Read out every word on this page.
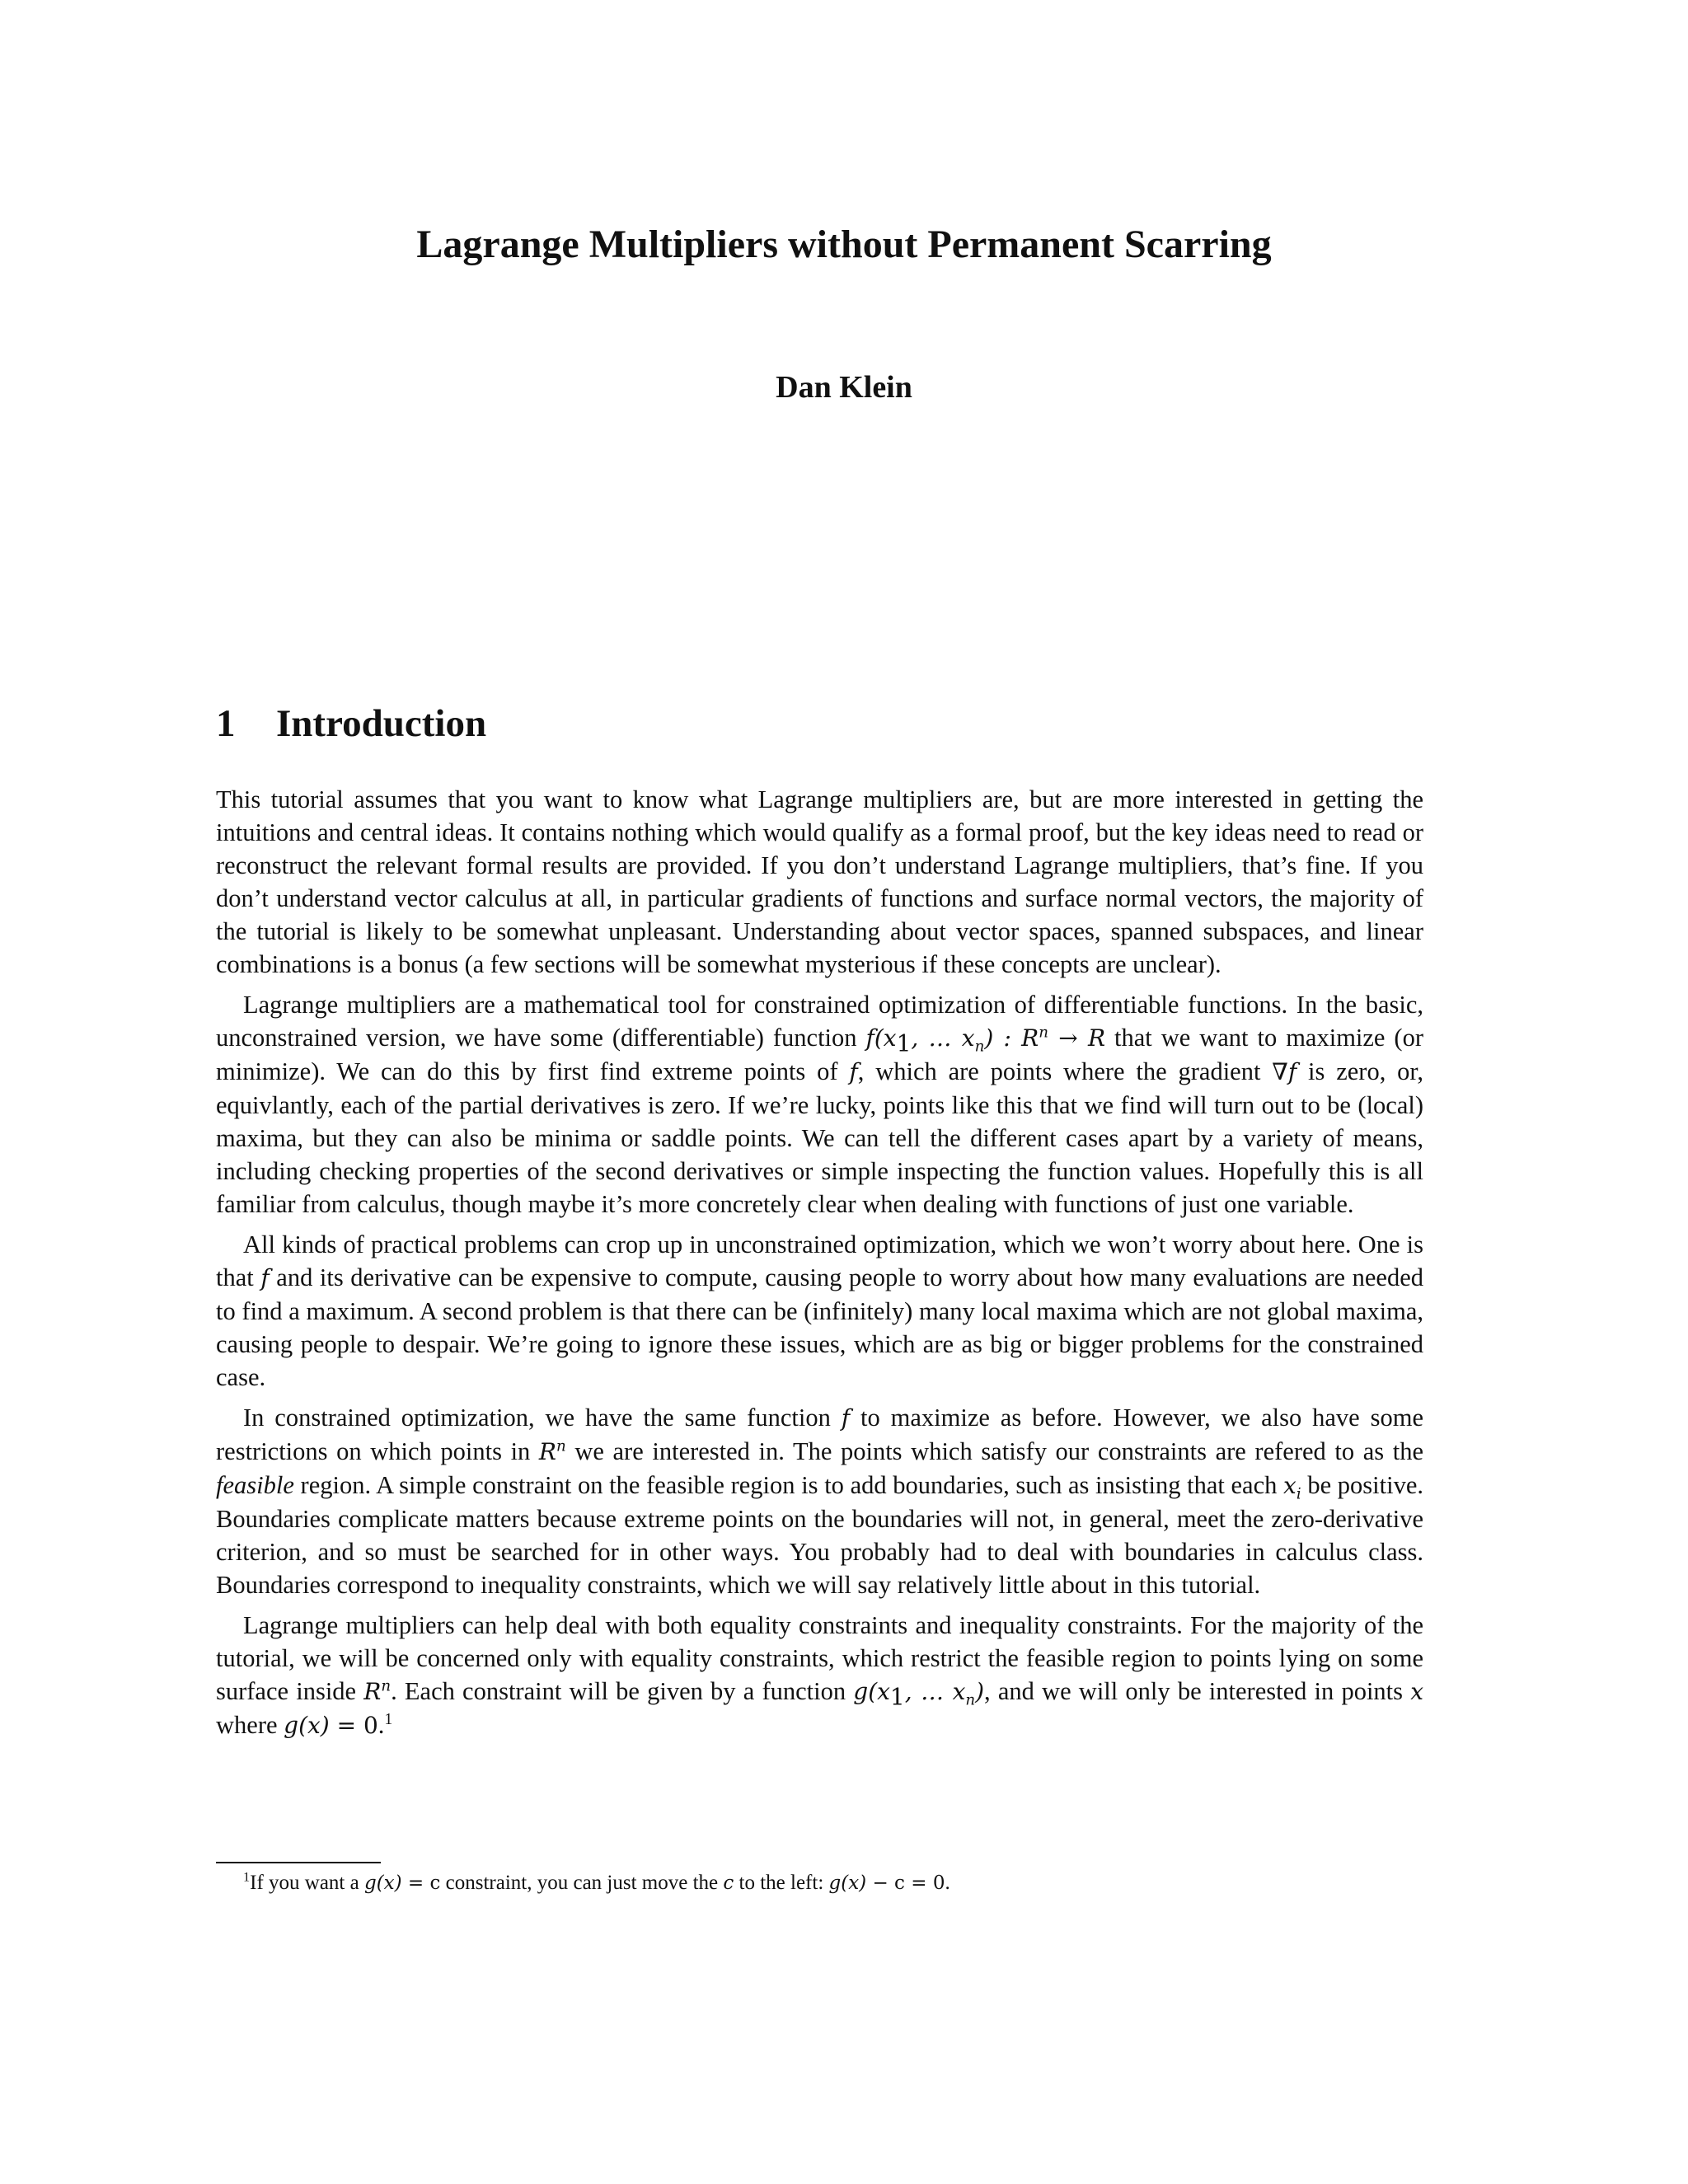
Lagrange Multipliers without Permanent Scarring
Dan Klein
1 Introduction

This tutorial assumes that you want to know what Lagrange multipliers are, but are more interested in getting the intuitions and central ideas. It contains nothing which would qualify as a formal proof, but the key ideas need to read or reconstruct the relevant formal results are provided. If you don’t understand Lagrange multipliers, that’s fine. If you don’t understand vector calculus at all, in particular gradients of functions and surface normal vectors, the majority of the tutorial is likely to be somewhat unpleasant. Understanding about vector spaces, spanned subspaces, and linear combinations is a bonus (a few sections will be somewhat mysterious if these concepts are unclear).

Lagrange multipliers are a mathematical tool for constrained optimization of differentiable functions. In the basic, unconstrained version, we have some (differentiable) function $f(x_1$, … $x_n$) : $R^n \to R$ that we want to maximize (or minimize). We can do this by first find extreme points of f, which are points where the gradient ∇f is zero, or, equivlantly, each of the partial derivatives is zero. If we’re lucky, points like this that we find will turn out to be (local) maxima, but they can also be minima or saddle points. We can tell the different cases apart by a variety of means, including checking properties of the second derivatives or simple inspecting the function values. Hopefully this is all familiar from calculus, though maybe it’s more concretely clear when dealing with functions of just one variable.

All kinds of practical problems can crop up in unconstrained optimization, which we won’t worry about here. One is that f and its derivative can be expensive to compute, causing people to worry about how many evaluations are needed to find a maximum. A second problem is that there can be (infinitely) many local maxima which are not global maxima, causing people to despair. We’re going to ignore these issues, which are as big or bigger problems for the constrained case.

In constrained optimization, we have the same function f to maximize as before. However, we also have some restrictions on which points in $R^n$ we are interested in. The points which satisfy our constraints are refered to as the feasible region. A simple constraint on the feasible region is to add boundaries, such as insisting that each $x_i$ be positive. Boundaries complicate matters because extreme points on the boundaries will not, in general, meet the zero-derivative criterion, and so must be searched for in other ways. You probably had to deal with boundaries in calculus class. Boundaries correspond to inequality constraints, which we will say relatively little about in this tutorial.

Lagrange multipliers can help deal with both equality constraints and inequality constraints. For the majority of the tutorial, we will be concerned only with equality constraints, which restrict the feasible region to points lying on some surface inside $R^n$. Each constraint will be given by a function $g(x_1$, … $x_n$), and we will only be interested in points x where g(x) = 0.$^1$

$^1$If you want a g(x) = c constraint, you can just move the c to the left: g(x) − c = 0.
